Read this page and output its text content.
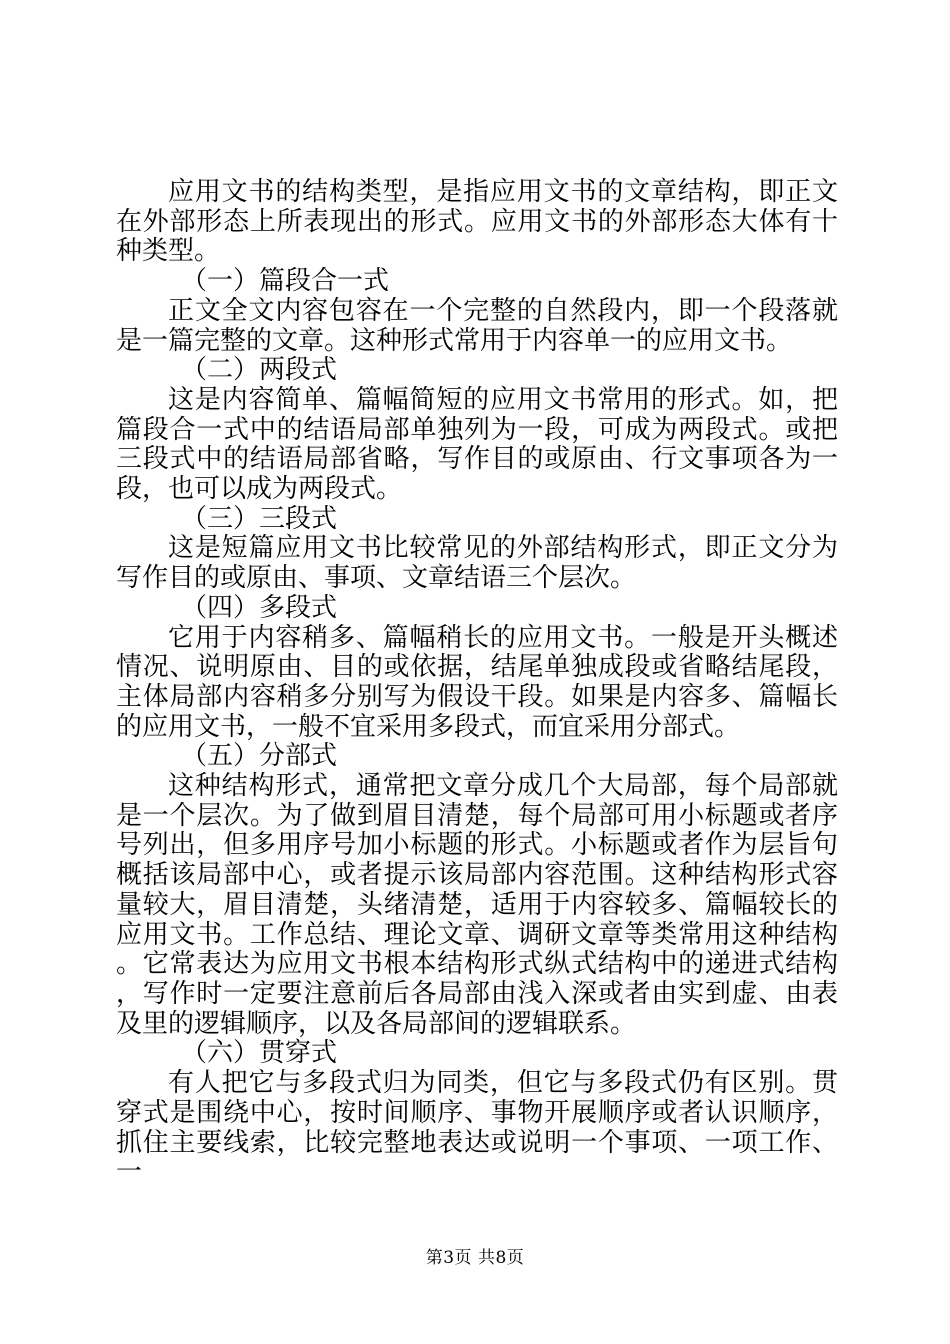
应用文书的结构类型，是指应用文书的文章结构，即正文在外部形态上所表现出的形式。应用文书的外部形态大体有十种类型。

（一）篇段合一式

正文全文内容包容在一个完整的自然段内，即一个段落就是一篇完整的文章。这种形式常用于内容单一的应用文书。

（二）两段式

这是内容简单、篇幅简短的应用文书常用的形式。如，把篇段合一式中的结语局部单独列为一段，可成为两段式。或把三段式中的结语局部省略，写作目的或原由、行文事项各为一段，也可以成为两段式。

（三）三段式

这是短篇应用文书比较常见的外部结构形式，即正文分为写作目的或原由、事项、文章结语三个层次。

（四）多段式

它用于内容稍多、篇幅稍长的应用文书。一般是开头概述情况、说明原由、目的或依据，结尾单独成段或省略结尾段，主体局部内容稍多分别写为假设干段。如果是内容多、篇幅长的应用文书，一般不宜采用多段式，而宜采用分部式。

（五）分部式

这种结构形式，通常把文章分成几个大局部，每个局部就是一个层次。为了做到眉目清楚，每个局部可用小标题或者序号列出，但多用序号加小标题的形式。小标题或者作为层旨句概括该局部中心，或者提示该局部内容范围。这种结构形式容量较大，眉目清楚，头绪清楚，适用于内容较多、篇幅较长的应用文书。工作总结、理论文章、调研文章等类常用这种结构。它常表达为应用文书根本结构形式纵式结构中的递进式结构，写作时一定要注意前后各局部由浅入深或者由实到虚、由表及里的逻辑顺序，以及各局部间的逻辑联系。

（六）贯穿式

有人把它与多段式归为同类，但它与多段式仍有区别。贯穿式是围绕中心，按时间顺序、事物开展顺序或者认识顺序，抓住主要线索，比较完整地表达或说明一个事项、一项工作、一

第3页 共8页
